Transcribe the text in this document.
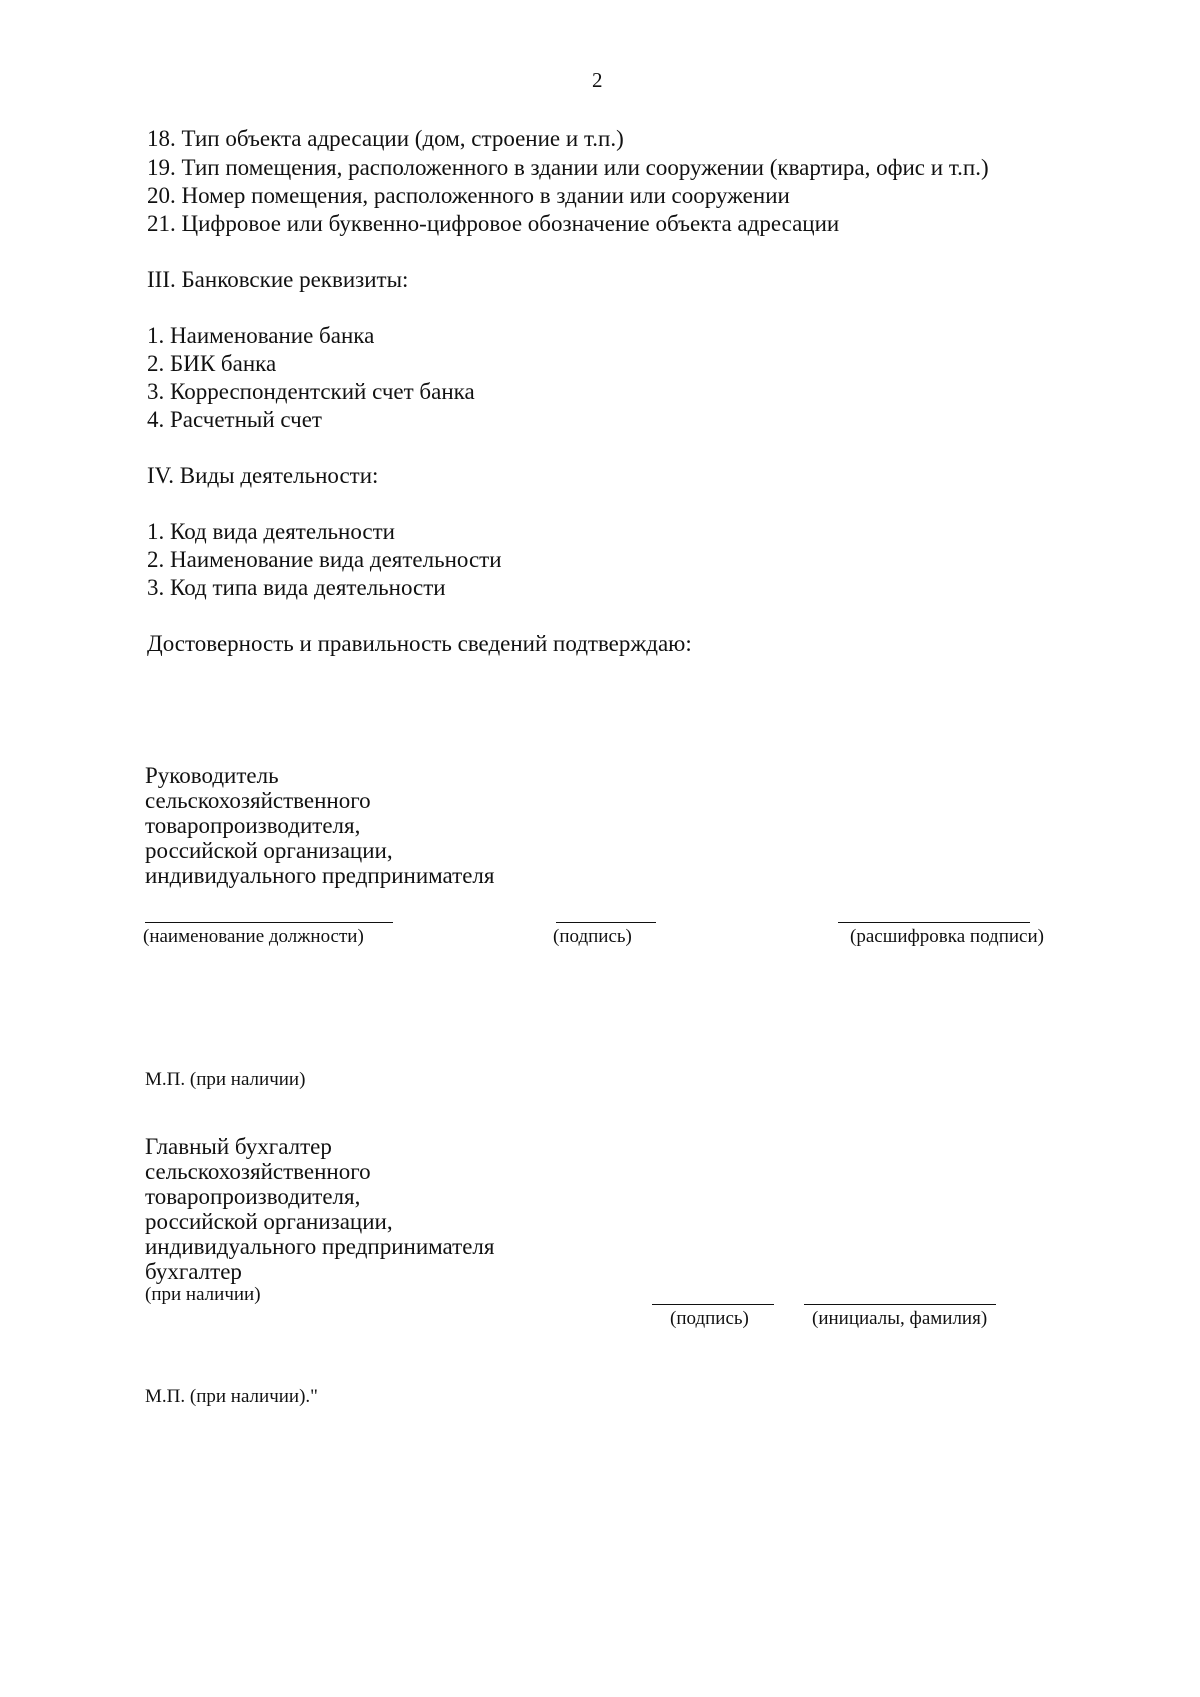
2
18. Тип объекта адресации (дом, строение и т.п.)
19. Тип помещения, расположенного в здании или сооружении (квартира, офис и т.п.)
20. Номер помещения, расположенного в здании или сооружении
21. Цифровое или буквенно-цифровое обозначение объекта адресации
III. Банковские реквизиты:
1. Наименование банка
2. БИК банка
3. Корреспондентский счет банка
4. Расчетный счет
IV. Виды деятельности:
1. Код вида деятельности
2. Наименование вида деятельности
3. Код типа вида деятельности
Достоверность и правильность сведений подтверждаю:
Руководитель
сельскохозяйственного
товаропроизводителя,
российской организации,
индивидуального предпринимателя
(наименование должности)	(подпись)	(расшифровка подписи)
М.П. (при наличии)
Главный бухгалтер
сельскохозяйственного
товаропроизводителя,
российской организации,
индивидуального предпринимателя
бухгалтер
(при наличии)
(подпись)	(инициалы, фамилия)
М.П. (при наличии)."
